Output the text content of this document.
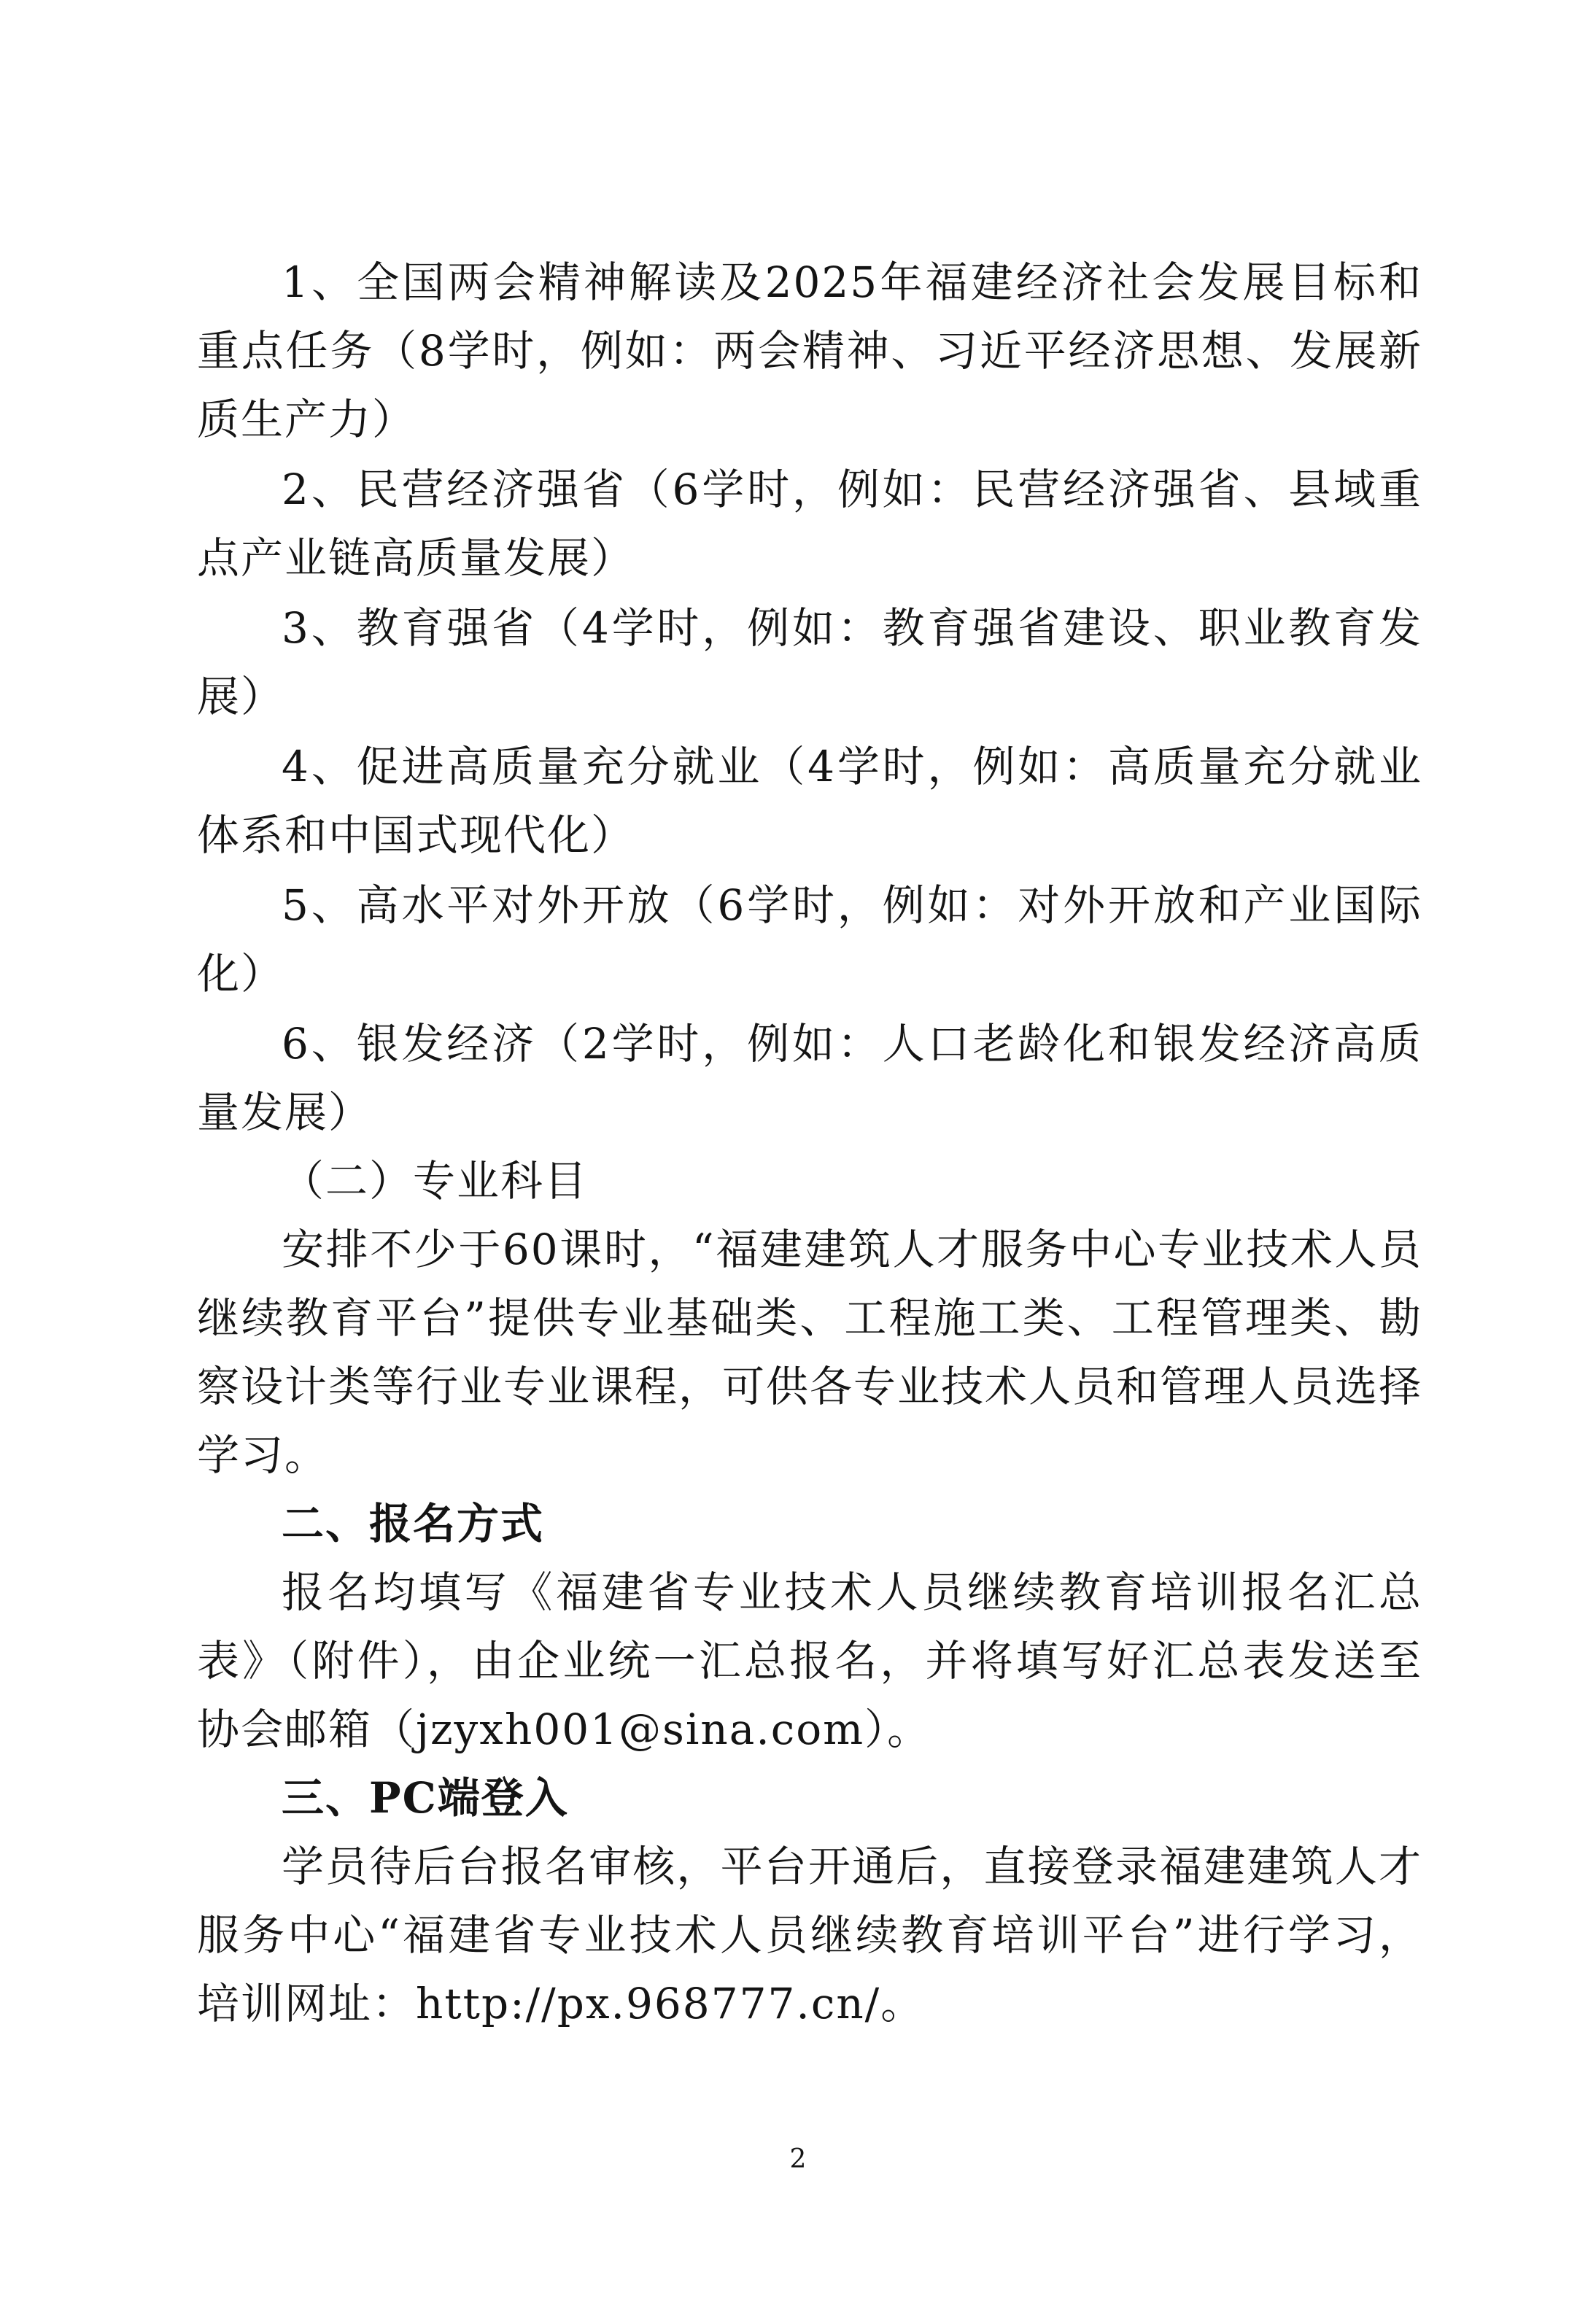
1、全国两会精神解读及2025年福建经济社会发展目标和重点任务（8学时，例如：两会精神、习近平经济思想、发展新质生产力）

2、民营经济强省（6学时，例如：民营经济强省、县域重点产业链高质量发展）

3、教育强省（4学时，例如：教育强省建设、职业教育发展）

4、促进高质量充分就业（4学时，例如：高质量充分就业体系和中国式现代化）

5、高水平对外开放（6学时，例如：对外开放和产业国际化）

6、银发经济（2学时，例如：人口老龄化和银发经济高质量发展）

（二）专业科目

安排不少于60课时，“福建建筑人才服务中心专业技术人员继续教育平台”提供专业基础类、工程施工类、工程管理类、勘察设计类等行业专业课程，可供各专业技术人员和管理人员选择学习。

二、报名方式

报名均填写《福建省专业技术人员继续教育培训报名汇总表》（附件），由企业统一汇总报名，并将填写好汇总表发送至协会邮箱（jzyxh001@sina.com）。

三、PC端登入

学员待后台报名审核，平台开通后，直接登录福建建筑人才服务中心“福建省专业技术人员继续教育培训平台”进行学习，培训网址：http://px.968777.cn/。

2
